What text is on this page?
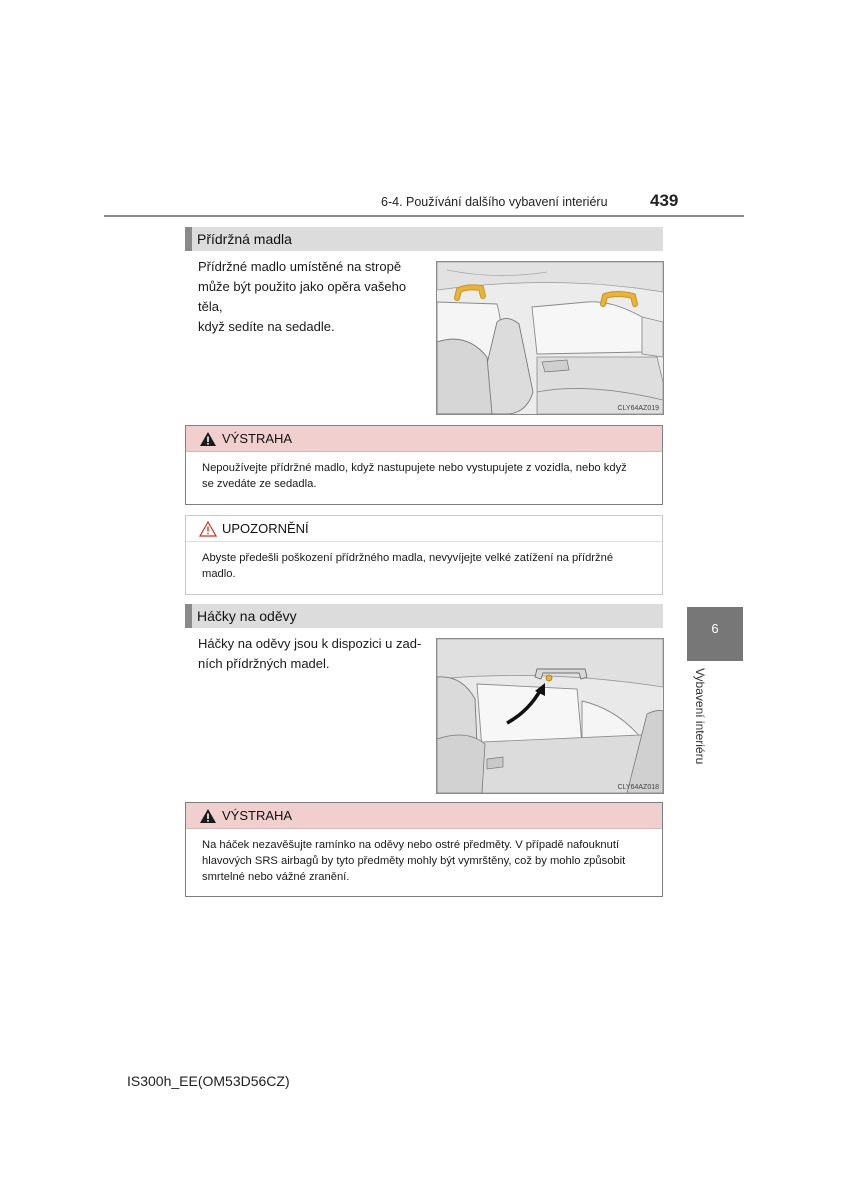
6-4. Používání dalšího vybavení interiéru 439
Přídržná madla
Přídržné madlo umístěné na stropě
může být použito jako opěra vašeho těla,
když sedíte na sedadle.
CLY64AZ019
VÝSTRAHA
Nepoužívejte přídržné madlo, když nastupujete nebo vystupujete z vozidla, nebo když
se zvedáte ze sedadla.
UPOZORNĚNÍ
Abyste předešli poškození přídržného madla, nevyvíjejte velké zatížení na přídržné
madlo.
Háčky na oděvy
Háčky na oděvy jsou k dispozici u zad-
ních přídržných madel.
CLY64AZ018
VÝSTRAHA
Na háček nezavěšujte ramínko na oděvy nebo ostré předměty. V případě nafouknutí
hlavových SRS airbagů by tyto předměty mohly být vymrštěny, což by mohlo způsobit
smrtelné nebo vážné zranění.
6
Vybavení interiéru
IS300h_EE(OM53D56CZ)
